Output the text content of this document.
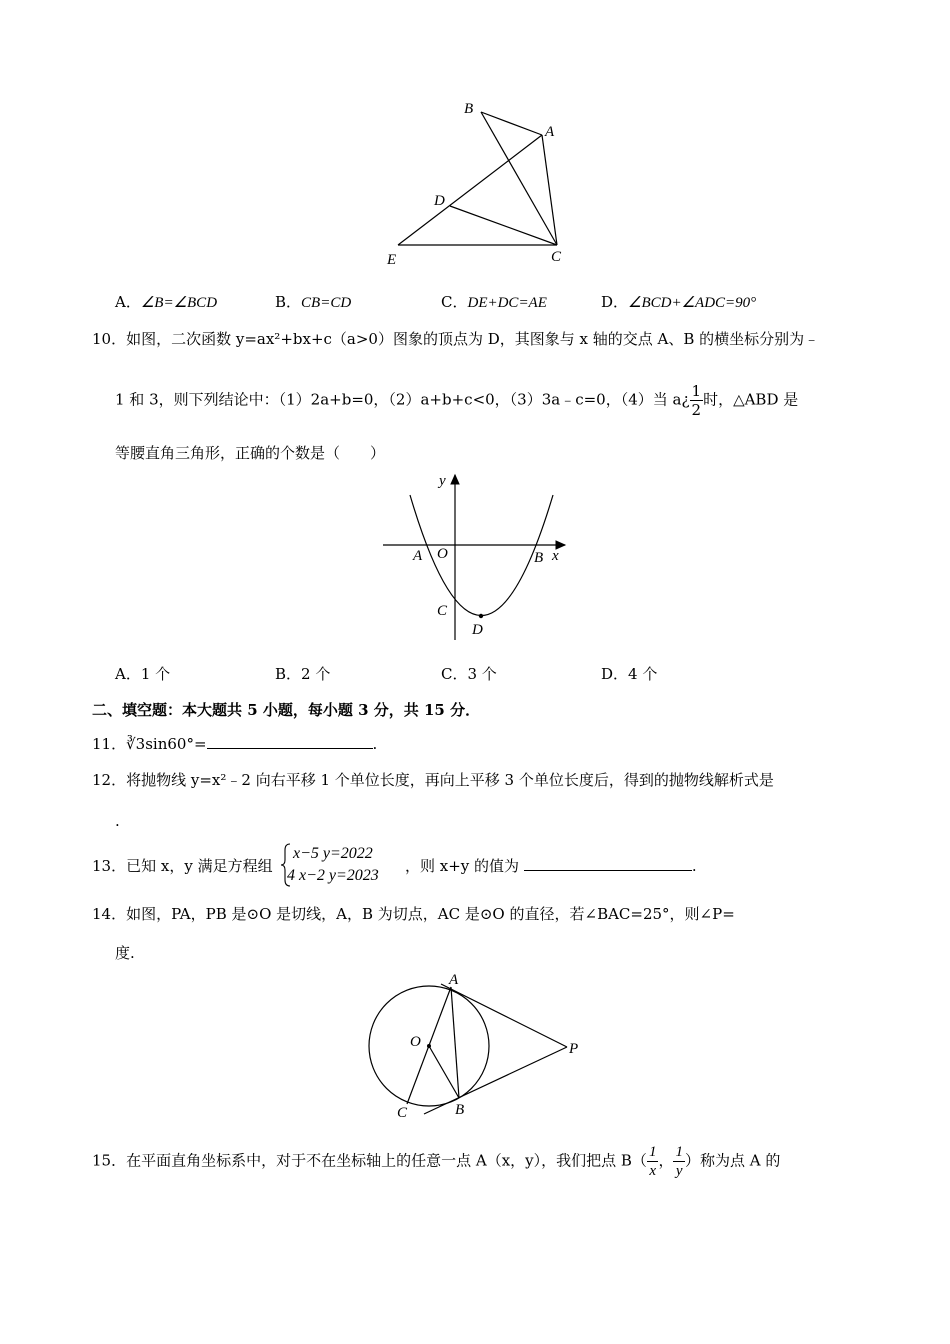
B
A
D
E	C
A．∠B=∠BCD	B．CB=CD	C．DE+DC=AE	D．∠BCD+∠ADC=90°
10．如图，二次函数 y=ax²+bx+c（a>0）图象的顶点为 D，其图象与 x 轴的交点 A、B 的横坐标分别为﹣
1 和 3，则下列结论中：（1）2a+b=0，（2）a+b+c<0，（3）3a﹣c=0，（4）当 a¿ $\frac{1}{2}$ 时，△ABD 是
等腰直角三角形，正确的个数是（　　）
y
x
A O	B
C
D
A．1 个	B．2 个	C．3 个	D．4 个
二、填空题：本大题共 5 小题，每小题 3 分，共 15 分．
11．∛3sin60°=	.
12．将抛物线 y=x²﹣2 向右平移 1 个单位长度，再向上平移 3 个单位长度后，得到的抛物线解析式是
.
13．已知 x，y 满足方程组
x−5 y=2022
4 x−2 y=2023
，则 x+y 的值为	.
14．如图，PA，PB 是⊙O 是切线，A，B 为切点，AC 是⊙O 的直径，若∠BAC=25°，则∠P=
度.
A
O	P
B
C
15．在平面直角坐标系中，对于不在坐标轴上的任意一点 A（x，y），我们把点 $B( \frac{1}{x}$ ， $\frac{1}{y}$ ）称为点 A 的
